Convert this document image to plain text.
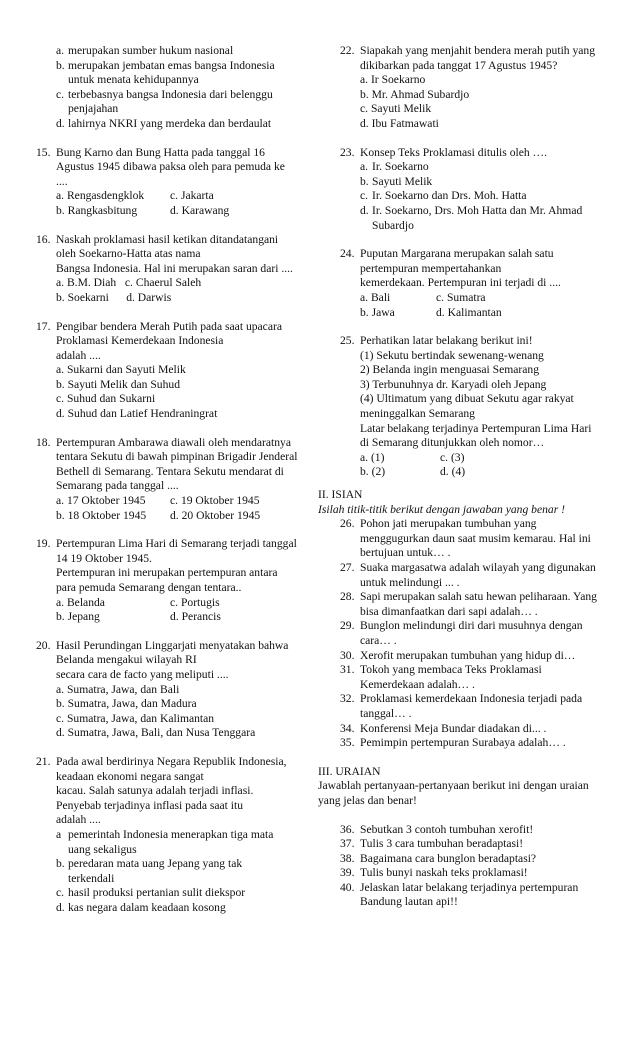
a. merupakan sumber hukum nasional
b. merupakan jembatan emas bangsa Indonesia
untuk menata kehidupannya
c. terbebasnya bangsa Indonesia dari belenggu
penjajahan
d. lahirnya NKRI yang merdeka dan berdaulat
15. Bung Karno dan Bung Hatta pada tanggal 16
Agustus 1945 dibawa paksa oleh para pemuda ke
....
a. Rengasdengklok	c. Jakarta
b. Rangkasbitung	d. Karawang
16. Naskah proklamasi hasil ketikan ditandatangani
oleh Soekarno-Hatta atas nama
Bangsa Indonesia. Hal ini merupakan saran dari ....
a. B.M. Diah   c. Chaerul Saleh
b. Soekarni      d. Darwis
17. Pengibar bendera Merah Putih pada saat upacara
Proklamasi Kemerdekaan Indonesia
adalah ....
a. Sukarni dan Sayuti Melik
b. Sayuti Melik dan Suhud
c. Suhud dan Sukarni
d. Suhud dan Latief Hendraningrat
18. Pertempuran Ambarawa diawali oleh mendaratnya
tentara Sekutu di bawah pimpinan Brigadir Jenderal
Bethell di Semarang. Tentara Sekutu mendarat di
Semarang pada tanggal ....
a. 17 Oktober 1945	c. 19 Oktober 1945
b. 18 Oktober 1945	d. 20 Oktober 1945
19. Pertempuran Lima Hari di Semarang terjadi tanggal
14 19 Oktober 1945.
Pertempuran ini merupakan pertempuran antara
para pemuda Semarang dengan tentara..
a. Belanda	c. Portugis
b. Jepang	d. Perancis
20. Hasil Perundingan Linggarjati menyatakan bahwa
Belanda mengakui wilayah RI
secara cara de facto yang meliputi ....
a. Sumatra, Jawa, dan Bali
b. Sumatra, Jawa, dan Madura
c. Sumatra, Jawa, dan Kalimantan
d. Sumatra, Jawa, Bali, dan Nusa Tenggara
21. Pada awal berdirinya Negara Republik Indonesia,
keadaan ekonomi negara sangat
kacau. Salah satunya adalah terjadi inflasi.
Penyebab terjadinya inflasi pada saat itu
adalah ....
a pemerintah Indonesia menerapkan tiga mata
uang sekaligus
b. peredaran mata uang Jepang yang tak
terkendali
c. hasil produksi pertanian sulit diekspor
d. kas negara dalam keadaan kosong
22. Siapakah yang menjahit bendera merah putih yang
dikibarkan pada tanggat 17 Agustus 1945?
a. Ir Soekarno
b. Mr. Ahmad Subardjo
c. Sayuti Melik
d. Ibu Fatmawati
23. Konsep Teks Proklamasi ditulis oleh ….
a. Ir. Soekarno
b. Sayuti Melik
c. Ir. Soekarno dan Drs. Moh. Hatta
d. Ir. Soekarno, Drs. Moh Hatta dan Mr. Ahmad
Subardjo
24. Puputan Margarana merupakan salah satu
pertempuran mempertahankan
kemerdekaan. Pertempuran ini terjadi di ....
a. Bali	c. Sumatra
b. Jawa	d. Kalimantan
25. Perhatikan latar belakang berikut ini!
(1) Sekutu bertindak sewenang-wenang
2) Belanda ingin menguasai Semarang
3) Terbunuhnya dr. Karyadi oleh Jepang
(4) Ultimatum yang dibuat Sekutu agar rakyat
meninggalkan Semarang
Latar belakang terjadinya Pertempuran Lima Hari
di Semarang ditunjukkan oleh nomor…
a. (1)	c. (3)
b. (2)	d. (4)
II. ISIAN
Isilah titik-titik berikut dengan jawaban yang benar !
26. Pohon jati merupakan tumbuhan yang
menggugurkan daun saat musim kemarau. Hal ini
bertujuan untuk… .
27. Suaka margasatwa adalah wilayah yang digunakan
untuk melindungi ... .
28. Sapi merupakan salah satu hewan peliharaan. Yang
bisa dimanfaatkan dari sapi adalah… .
29. Bunglon melindungi diri dari musuhnya dengan
cara… .
30. Xerofit merupakan tumbuhan yang hidup di…
31. Tokoh yang membaca Teks Proklamasi
Kemerdekaan adalah… .
32. Proklamasi kemerdekaan Indonesia terjadi pada
tanggal… .
34. Konferensi Meja Bundar diadakan di... .
35. Pemimpin pertempuran Surabaya adalah… .
III. URAIAN
Jawablah pertanyaan-pertanyaan berikut ini dengan uraian
yang jelas dan benar!
36. Sebutkan 3 contoh tumbuhan xerofit!
37. Tulis 3 cara tumbuhan beradaptasi!
38. Bagaimana cara bunglon beradaptasi?
39. Tulis bunyi naskah teks proklamasi!
40. Jelaskan latar belakang terjadinya pertempuran
Bandung lautan api!!
